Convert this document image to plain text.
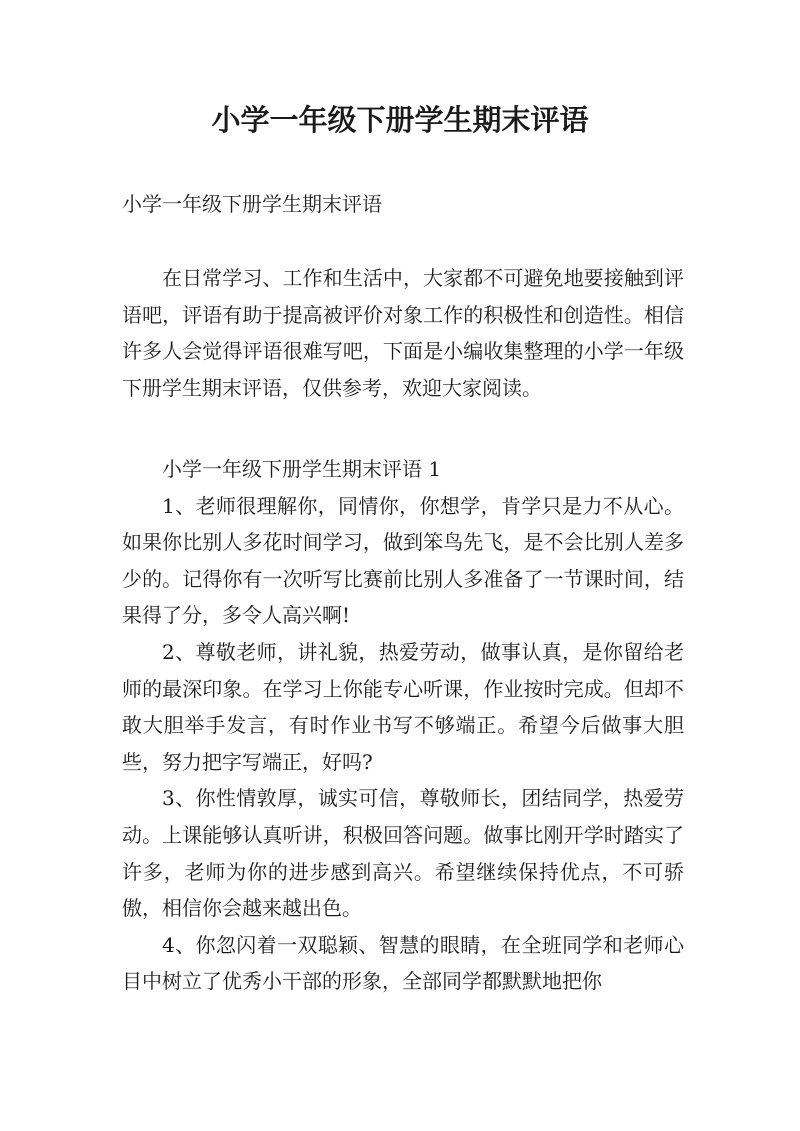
小学一年级下册学生期末评语
小学一年级下册学生期末评语

在日常学习、工作和生活中，大家都不可避免地要接触到评语吧，评语有助于提高被评价对象工作的积极性和创造性。相信许多人会觉得评语很难写吧，下面是小编收集整理的小学一年级下册学生期末评语，仅供参考，欢迎大家阅读。

小学一年级下册学生期末评语 1

1、老师很理解你，同情你，你想学，肯学只是力不从心。如果你比别人多花时间学习，做到笨鸟先飞，是不会比别人差多少的。记得你有一次听写比赛前比别人多准备了一节课时间，结果得了分，多令人高兴啊!

2、尊敬老师，讲礼貌，热爱劳动，做事认真，是你留给老师的最深印象。在学习上你能专心听课，作业按时完成。但却不敢大胆举手发言，有时作业书写不够端正。希望今后做事大胆些，努力把字写端正，好吗?

3、你性情敦厚，诚实可信，尊敬师长，团结同学，热爱劳动。上课能够认真听讲，积极回答问题。做事比刚开学时踏实了许多，老师为你的进步感到高兴。希望继续保持优点，不可骄傲，相信你会越来越出色。

4、你忽闪着一双聪颖、智慧的眼睛，在全班同学和老师心目中树立了优秀小干部的形象，全部同学都默默地把你
